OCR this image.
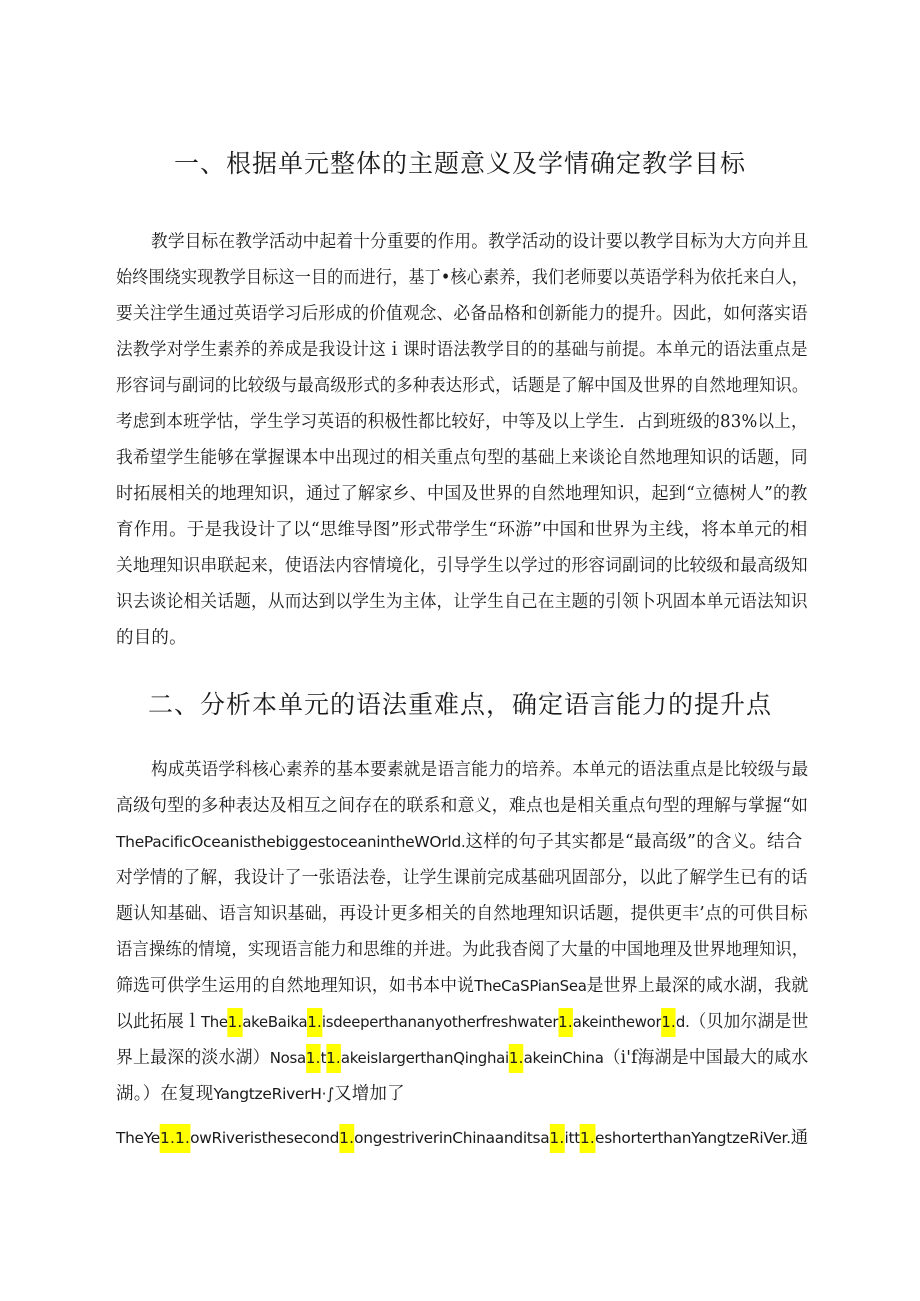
一、根据单元整体的主题意义及学情确定教学目标
教学目标在教学活动中起着十分重要的作用。教学活动的设计要以教学目标为大方向并且
始终围绕实现教学目标这一目的而进行，基丁•核心素养，我们老师要以英语学科为依托来白人，
要关注学生通过英语学习后形成的价值观念、必备品格和创新能力的提升。因此，如何落实语
法教学对学生素养的养成是我设计这ｉ课时语法教学目的的基础与前提。本单元的语法重点是
形容词与副词的比较级与最高级形式的多种表达形式，话题是了解中国及世界的自然地理知识。
考虑到本班学怙，学生学习英语的积极性都比较好，中等及以上学生．占到班级的83%以上，
我希望学生能够在掌握课本中出现过的相关重点句型的基础上来谈论自然地理知识的话题，同
时拓展相关的地理知识，通过了解家乡、中国及世界的自然地理知识，起到“立德树人”的教
育作用。于是我设计了以“思维导图”形式带学生“环游”中国和世界为主线，将本单元的相
关地理知识串联起来，使语法内容情境化，引导学生以学过的形容词副词的比较级和最高级知
识去谈论相关话题，从而达到以学生为主体，让学生自己在主题的引领卜巩固本单元语法知识
的目的。
二、分析本单元的语法重难点，确定语言能力的提升点
构成英语学科核心素养的基本要素就是语言能力的培养。本单元的语法重点是比较级与最
高级句型的多种表达及相互之间存在的联系和意义，难点也是相关重点句型的理解与掌握“如
ThePacificOceanisthebiggestoceanintheWOrld.这样的句子其实都是“最高级”的含义。结合
对学情的了解，我设计了一张语法卷，让学生课前完成基础巩固部分，以此了解学生已有的话
题认知基础、语言知识基础，再设计更多相关的自然地理知识话题，提供更丰’点的可供目标
语言操练的情境，实现语言能力和思维的并进。为此我杳阅了大量的中国地理及世界地理知识，
筛选可供学生运用的自然地理知识，如书本中说TheCaSPianSea是世界上最深的咸水湖，我就
以此拓展ｌThe1.akeBaika1.isdeeperthananyotherfreshwater1.akeinthewor1.d.（贝加尔湖是世
界上最深的淡水湖）Nosa1.t1.akeisIargerthanQinghai1.akeinChina（i'f海湖是中国最大的咸水
湖。）在复现YangtzeRiverH·∫又增加了
TheYe1.1.owRiveristhesecond1.ongestriverinChinaanditsa1.itt1.eshorterthanYangtzeRiVer.通
